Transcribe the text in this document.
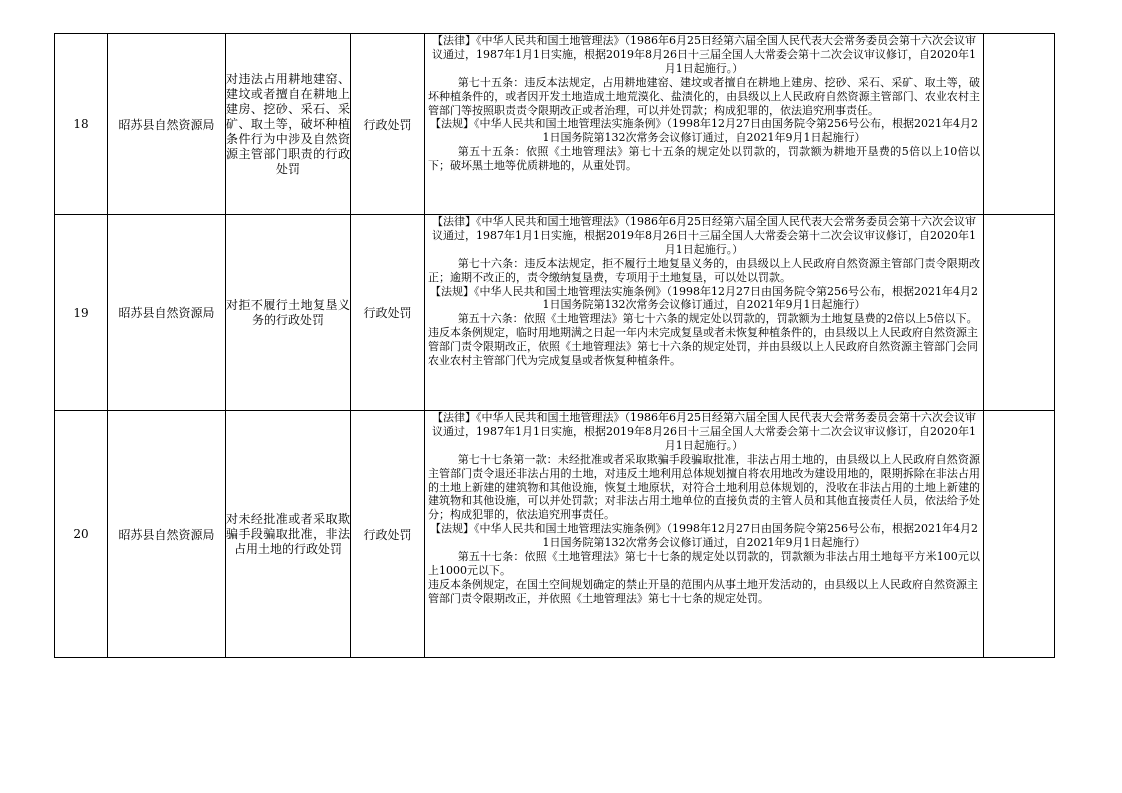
18	昭苏县自然资源局	对违法占用耕地建窑、建坟或者擅自在耕地上建房、挖砂、采石、采矿、取土等，破坏种植条件行为中涉及自然资源主管部门职责的行政处罚	行政处罚	【法律】《中华人民共和国土地管理法》（1986年6月25日经第六届全国人民代表大会常务委员会第十六次会议审议通过，1987年1月1日实施，根据2019年8月26日十三届全国人大常委会第十二次会议审议修订，自2020年1月1日起施行。）

第七十五条：违反本法规定，占用耕地建窑、建坟或者擅自在耕地上建房、挖砂、采石、采矿、取土等，破坏种植条件的，或者因开发土地造成土地荒漠化、盐渍化的，由县级以上人民政府自然资源主管部门、农业农村主管部门等按照职责责令限期改正或者治理，可以并处罚款；构成犯罪的，依法追究刑事责任。

【法规】《中华人民共和国土地管理法实施条例》（1998年12月27日由国务院令第256号公布，根据2021年4月21日国务院第132次常务会议修订通过，自2021年9月1日起施行）

第五十五条：依照《土地管理法》第七十五条的规定处以罚款的，罚款额为耕地开垦费的5倍以上10倍以下；破坏黑土地等优质耕地的，从重处罚。	

19	昭苏县自然资源局	对拒不履行土地复垦义务的行政处罚	行政处罚	【法律】《中华人民共和国土地管理法》（1986年6月25日经第六届全国人民代表大会常务委员会第十六次会议审议通过，1987年1月1日实施，根据2019年8月26日十三届全国人大常委会第十二次会议审议修订，自2020年1月1日起施行。）

第七十六条：违反本法规定，拒不履行土地复垦义务的，由县级以上人民政府自然资源主管部门责令限期改正；逾期不改正的，责令缴纳复垦费，专项用于土地复垦，可以处以罚款。

【法规】《中华人民共和国土地管理法实施条例》（1998年12月27日由国务院令第256号公布，根据2021年4月21日国务院第132次常务会议修订通过，自2021年9月1日起施行）

第五十六条：依照《土地管理法》第七十六条的规定处以罚款的，罚款额为土地复垦费的2倍以上5倍以下。

违反本条例规定，临时用地期满之日起一年内未完成复垦或者未恢复种植条件的，由县级以上人民政府自然资源主管部门责令限期改正，依照《土地管理法》第七十六条的规定处罚，并由县级以上人民政府自然资源主管部门会同农业农村主管部门代为完成复垦或者恢复种植条件。	

20	昭苏县自然资源局	对未经批准或者采取欺骗手段骗取批准，非法占用土地的行政处罚	行政处罚	【法律】《中华人民共和国土地管理法》（1986年6月25日经第六届全国人民代表大会常务委员会第十六次会议审议通过，1987年1月1日实施，根据2019年8月26日十三届全国人大常委会第十二次会议审议修订，自2020年1月1日起施行。）

第七十七条第一款：未经批准或者采取欺骗手段骗取批准，非法占用土地的，由县级以上人民政府自然资源主管部门责令退还非法占用的土地，对违反土地利用总体规划擅自将农用地改为建设用地的，限期拆除在非法占用的土地上新建的建筑物和其他设施，恢复土地原状，对符合土地利用总体规划的，没收在非法占用的土地上新建的建筑物和其他设施，可以并处罚款；对非法占用土地单位的直接负责的主管人员和其他直接责任人员，依法给予处分；构成犯罪的，依法追究刑事责任。

【法规】《中华人民共和国土地管理法实施条例》（1998年12月27日由国务院令第256号公布，根据2021年4月21日国务院第132次常务会议修订通过，自2021年9月1日起施行）

第五十七条：依照《土地管理法》第七十七条的规定处以罚款的，罚款额为非法占用土地每平方米100元以上1000元以下。

违反本条例规定，在国土空间规划确定的禁止开垦的范围内从事土地开发活动的，由县级以上人民政府自然资源主管部门责令限期改正，并依照《土地管理法》第七十七条的规定处罚。	
